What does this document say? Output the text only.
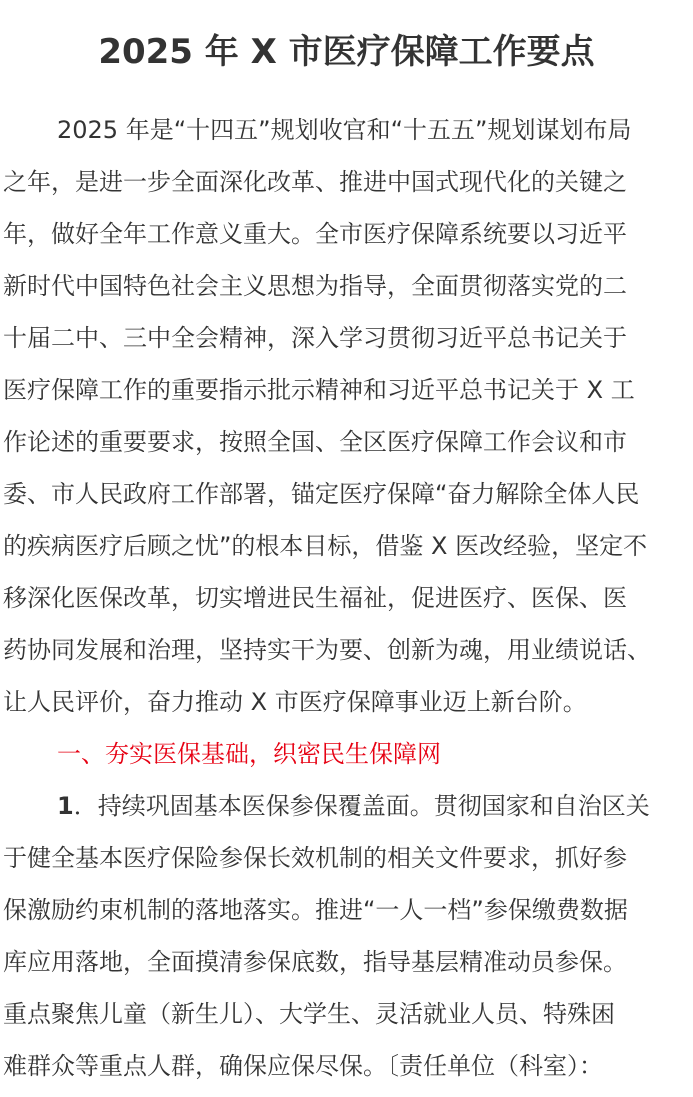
2025 年 X 市医疗保障工作要点
2025 年是“十四五”规划收官和“十五五”规划谋划布局
之年，是进一步全面深化改革、推进中国式现代化的关键之
年，做好全年工作意义重大。全市医疗保障系统要以习近平
新时代中国特色社会主义思想为指导，全面贯彻落实党的二
十届二中、三中全会精神，深入学习贯彻习近平总书记关于
医疗保障工作的重要指示批示精神和习近平总书记关于 X 工
作论述的重要要求，按照全国、全区医疗保障工作会议和市
委、市人民政府工作部署，锚定医疗保障“奋力解除全体人民
的疾病医疗后顾之忧”的根本目标，借鉴 X 医改经验，坚定不
移深化医保改革，切实增进民生福祉，促进医疗、医保、医
药协同发展和治理，坚持实干为要、创新为魂，用业绩说话、
让人民评价，奋力推动 X 市医疗保障事业迈上新台阶。
一、夯实医保基础，织密民生保障网
1．持续巩固基本医保参保覆盖面。贯彻国家和自治区关
于健全基本医疗保险参保长效机制的相关文件要求，抓好参
保激励约束机制的落地落实。推进“一人一档”参保缴费数据
库应用落地，全面摸清参保底数，指导基层精准动员参保。
重点聚焦儿童（新生儿）、大学生、灵活就业人员、特殊困
难群众等重点人群，确保应保尽保。〔责任单位（科室）：
